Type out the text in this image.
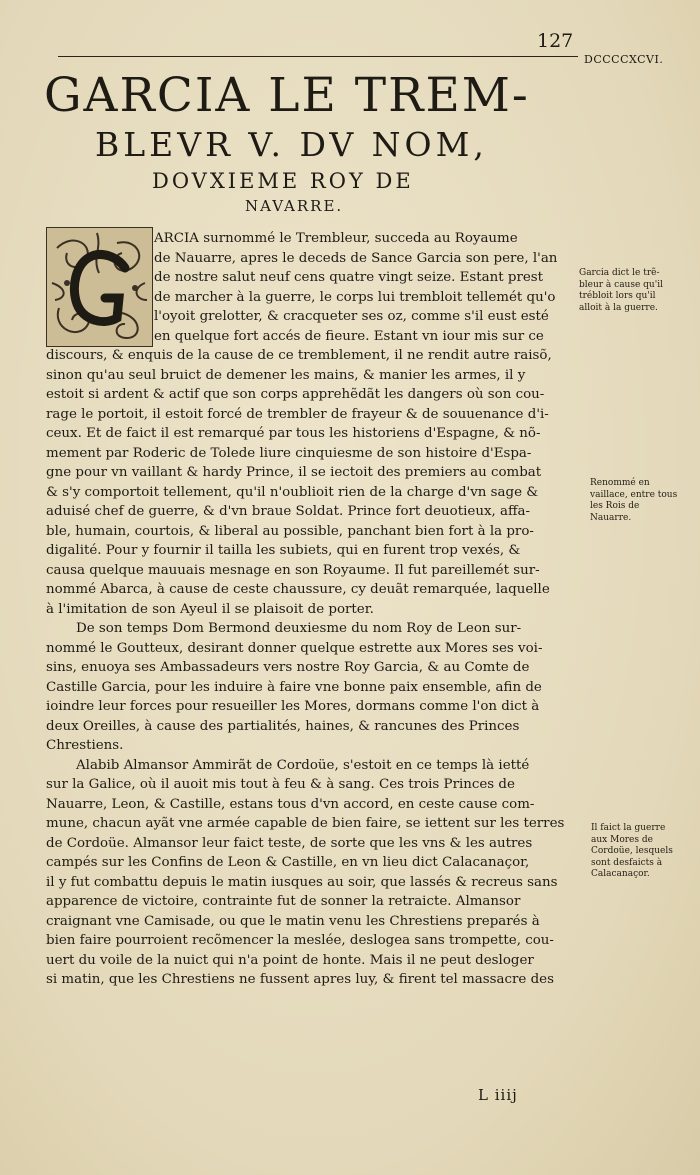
127
DCCCCXCVI.
GARCIA LE TREM-
BLEVR V. DV NOM,
DOVXIEME ROY DE
NAVARRE.
ARCIA surnommé le Trembleur, succeda au Royaume
de Nauarre, apres le deceds de Sance Garcia son pere, l'an
de nostre salut neuf cens quatre vingt seize. Estant prest
de marcher à la guerre, le corps lui trembloit tellemét qu'o
l'oyoit grelotter, & cracqueter ses oz, comme s'il eust esté
en quelque fort accés de fieure. Estant vn iour mis sur ce
discours, & enquis de la cause de ce tremblement, il ne rendit autre raisõ,
sinon qu'au seul bruict de demener les mains, & manier les armes, il y
estoit si ardent & actif que son corps apprehẽdãt les dangers où son cou-
rage le portoit, il estoit forcé de trembler de frayeur & de souuenance d'i-
ceux. Et de faict il est remarqué par tous les historiens d'Espagne, & nõ-
mement par Roderic de Tolede liure cinquiesme de son histoire d'Espa-
gne pour vn vaillant & hardy Prince, il se iectoit des premiers au combat
& s'y comportoit tellement, qu'il n'oublioit rien de la charge d'vn sage &
aduisé chef de guerre, & d'vn braue Soldat. Prince fort deuotieux, affa-
ble, humain, courtois, & liberal au possible, panchant bien fort à la pro-
digalité. Pour y fournir il tailla les subiets, qui en furent trop vexés, &
causa quelque mauuais mesnage en son Royaume. Il fut pareillemét sur-
nommé Abarca, à cause de ceste chaussure, cy deuãt remarquée, laquelle
à l'imitation de son Ayeul il se plaisoit de porter.
De son temps Dom Bermond deuxiesme du nom Roy de Leon sur-
nommé le Goutteux, desirant donner quelque estrette aux Mores ses voi-
sins, enuoya ses Ambassadeurs vers nostre Roy Garcia, & au Comte de
Castille Garcia, pour les induire à faire vne bonne paix ensemble, afin de
ioindre leur forces pour resueiller les Mores, dormans comme l'on dict à
deux Oreilles, à cause des partialités, haines, & rancunes des Princes
Chrestiens.
Alabib Almansor Ammirãt de Cordoüe, s'estoit en ce temps là ietté
sur la Galice, où il auoit mis tout à feu & à sang. Ces trois Princes de
Nauarre, Leon, & Castille, estans tous d'vn accord, en ceste cause com-
mune, chacun ayãt vne armée capable de bien faire, se iettent sur les terres
de Cordoüe. Almansor leur faict teste, de sorte que les vns & les autres
campés sur les Confins de Leon & Castille, en vn lieu dict Calacanaçor,
il y fut combattu depuis le matin iusques au soir, que lassés & recreus sans
apparence de victoire, contrainte fut de sonner la retraicte. Almansor
craignant vne Camisade, ou que le matin venu les Chrestiens preparés à
bien faire pourroient recõmencer la meslée, deslogea sans trompette, cou-
uert du voile de la nuict qui n'a point de honte. Mais il ne peut desloger
si matin, que les Chrestiens ne fussent apres luy, & firent tel massacre des
Garcia dict le trẽ-bleur à cause qu'il trébloit lors qu'il alloit à la guerre.
Renommé en vaillace, entre tous les Rois de Nauarre.
Il faict la guerre aux Mores de Cordoüe, lesquels sont desfaicts à Calacanaçor.
L iiij
